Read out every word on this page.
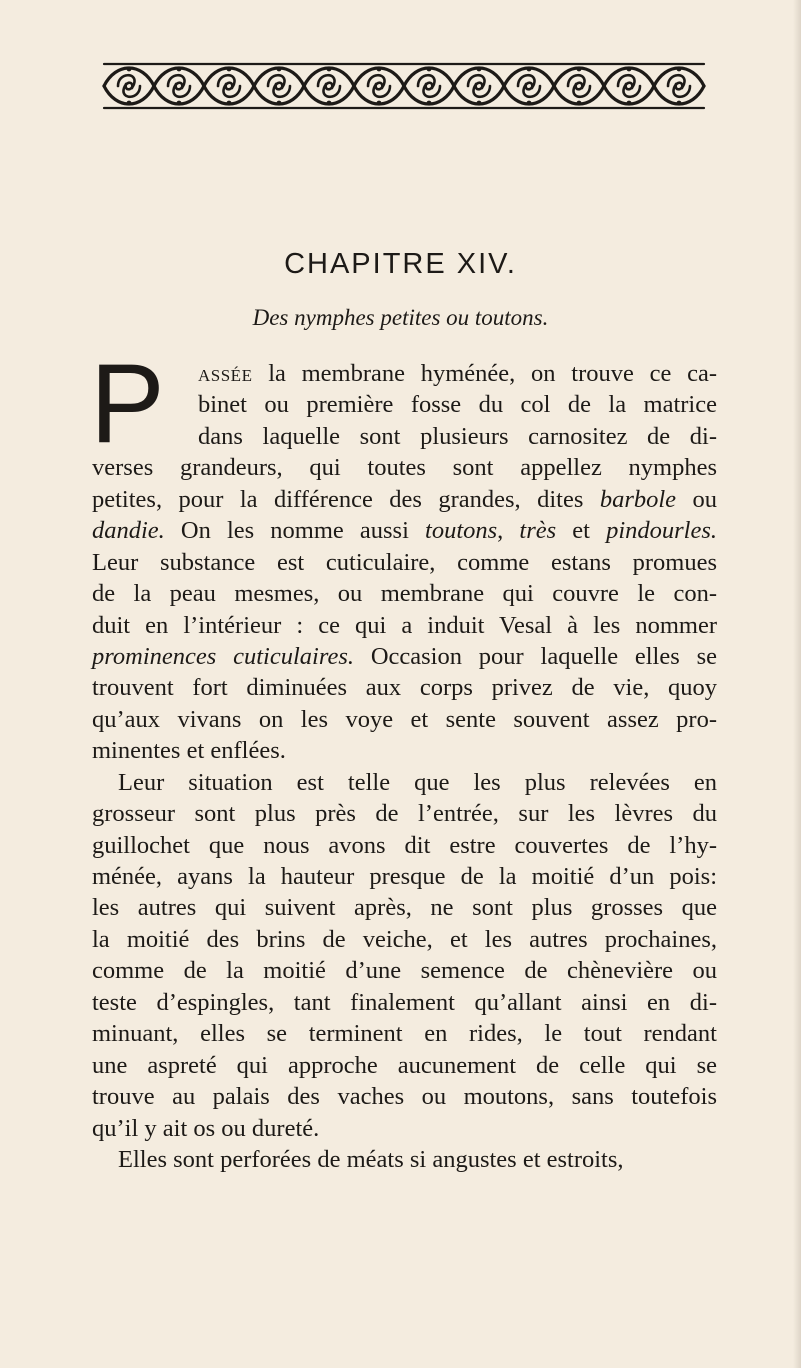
CHAPITRE XIV.
Des nymphes petites ou toutons.
P	assée la membrane hyménée, on trouve ce ca-
binet ou première fosse du col de la matrice
dans laquelle sont plusieurs carnositez de di-
verses grandeurs, qui toutes sont appellez nymphes
petites, pour la différence des grandes, dites barbole ou
dandie. On les nomme aussi toutons, très et pindourles.
Leur substance est cuticulaire, comme estans promues
de la peau mesmes, ou membrane qui couvre le con-
duit en l’intérieur : ce qui a induit Vesal à les nommer
prominences cuticulaires. Occasion pour laquelle elles se
trouvent fort diminuées aux corps privez de vie, quoy
qu’aux vivans on les voye et sente souvent assez pro-
minentes et enflées.
Leur situation est telle que les plus relevées en
grosseur sont plus près de l’entrée, sur les lèvres du
guillochet que nous avons dit estre couvertes de l’hy-
ménée, ayans la hauteur presque de la moitié d’un pois:
les autres qui suivent après, ne sont plus grosses que
la moitié des brins de veiche, et les autres prochaines,
comme de la moitié d’une semence de chènevière ou
teste d’espingles, tant finalement qu’allant ainsi en di-
minuant, elles se terminent en rides, le tout rendant
une aspreté qui approche aucunement de celle qui se
trouve au palais des vaches ou moutons, sans toutefois
qu’il y ait os ou dureté.
Elles sont perforées de méats si angustes et estroits,
